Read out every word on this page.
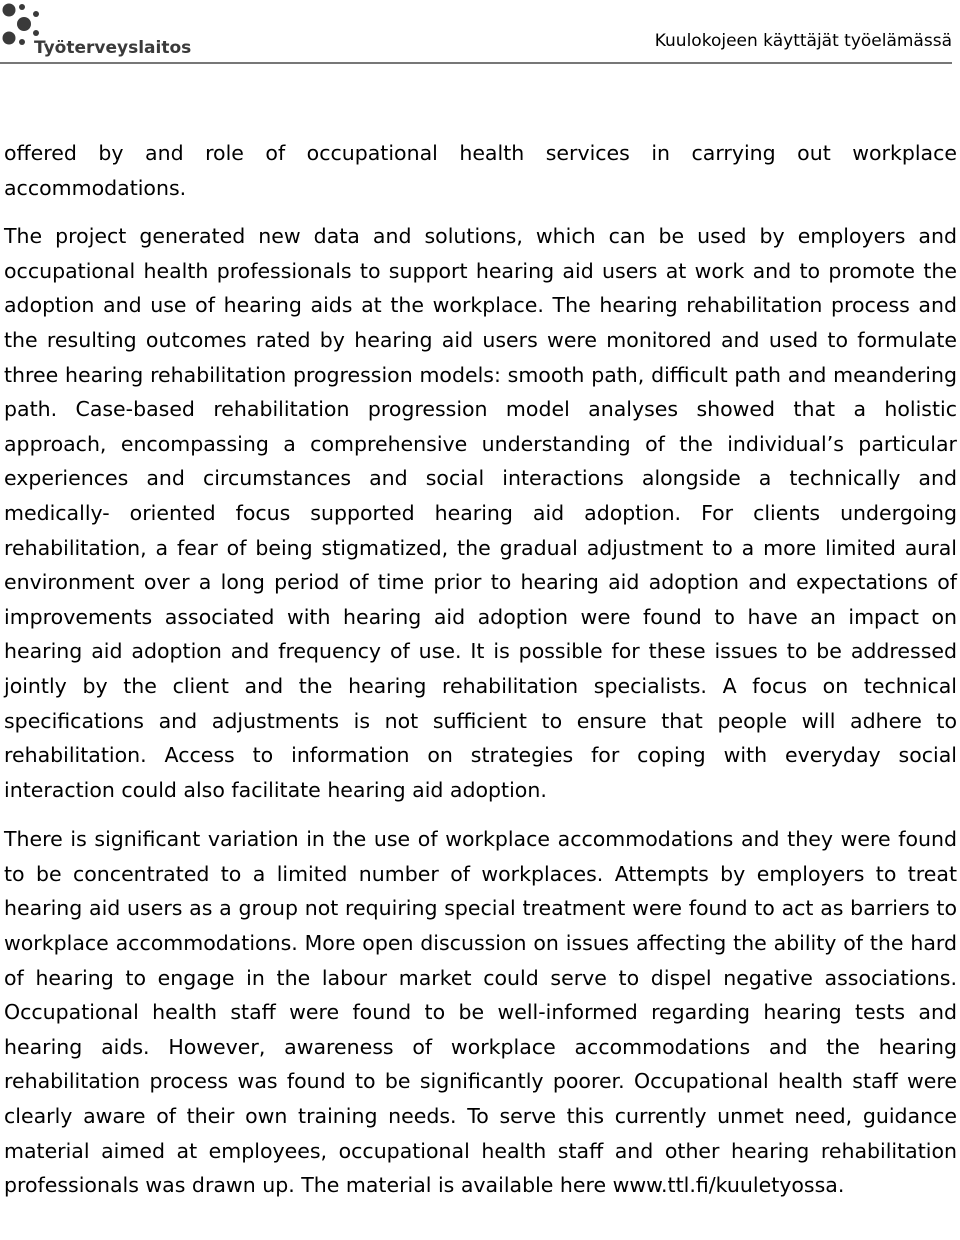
Työterveyslaitos	Kuulokojeen käyttäjät työelämässä

offered by and role of occupational health services in carrying out workplace accommodations.

The project generated new data and solutions, which can be used by employers and occupational health professionals to support hearing aid users at work and to promote the adoption and use of hearing aids at the workplace. The hearing rehabilitation process and the resulting outcomes rated by hearing aid users were monitored and used to formulate three hearing rehabilitation progression models: smooth path, difficult path and meandering path. Case-based rehabilitation progression model analyses showed that a holistic approach, encompassing a comprehensive understanding of the individual’s particular experiences and circumstances and social interactions alongside a technically and medically- oriented focus supported hearing aid adoption. For clients undergoing rehabilitation, a fear of being stigmatized, the gradual adjustment to a more limited aural environment over a long period of time prior to hearing aid adoption and expectations of improvements associated with hearing aid adoption were found to have an impact on hearing aid adoption and frequency of use. It is possible for these issues to be addressed jointly by the client and the hearing rehabilitation specialists. A focus on technical specifications and adjustments is not sufficient to ensure that people will adhere to rehabilitation. Access to information on strategies for coping with everyday social interaction could also facilitate hearing aid adoption.

There is significant variation in the use of workplace accommodations and they were found to be concentrated to a limited number of workplaces. Attempts by employers to treat hearing aid users as a group not requiring special treatment were found to act as barriers to workplace accommodations. More open discussion on issues affecting the ability of the hard of hearing to engage in the labour market could serve to dispel negative associations. Occupational health staff were found to be well-informed regarding hearing tests and hearing aids. However, awareness of workplace accommodations and the hearing rehabilitation process was found to be significantly poorer. Occupational health staff were clearly aware of their own training needs. To serve this currently unmet need, guidance material aimed at employees, occupational health staff and other hearing rehabilitation professionals was drawn up. The material is available here www.ttl.fi/kuuletyossa.
